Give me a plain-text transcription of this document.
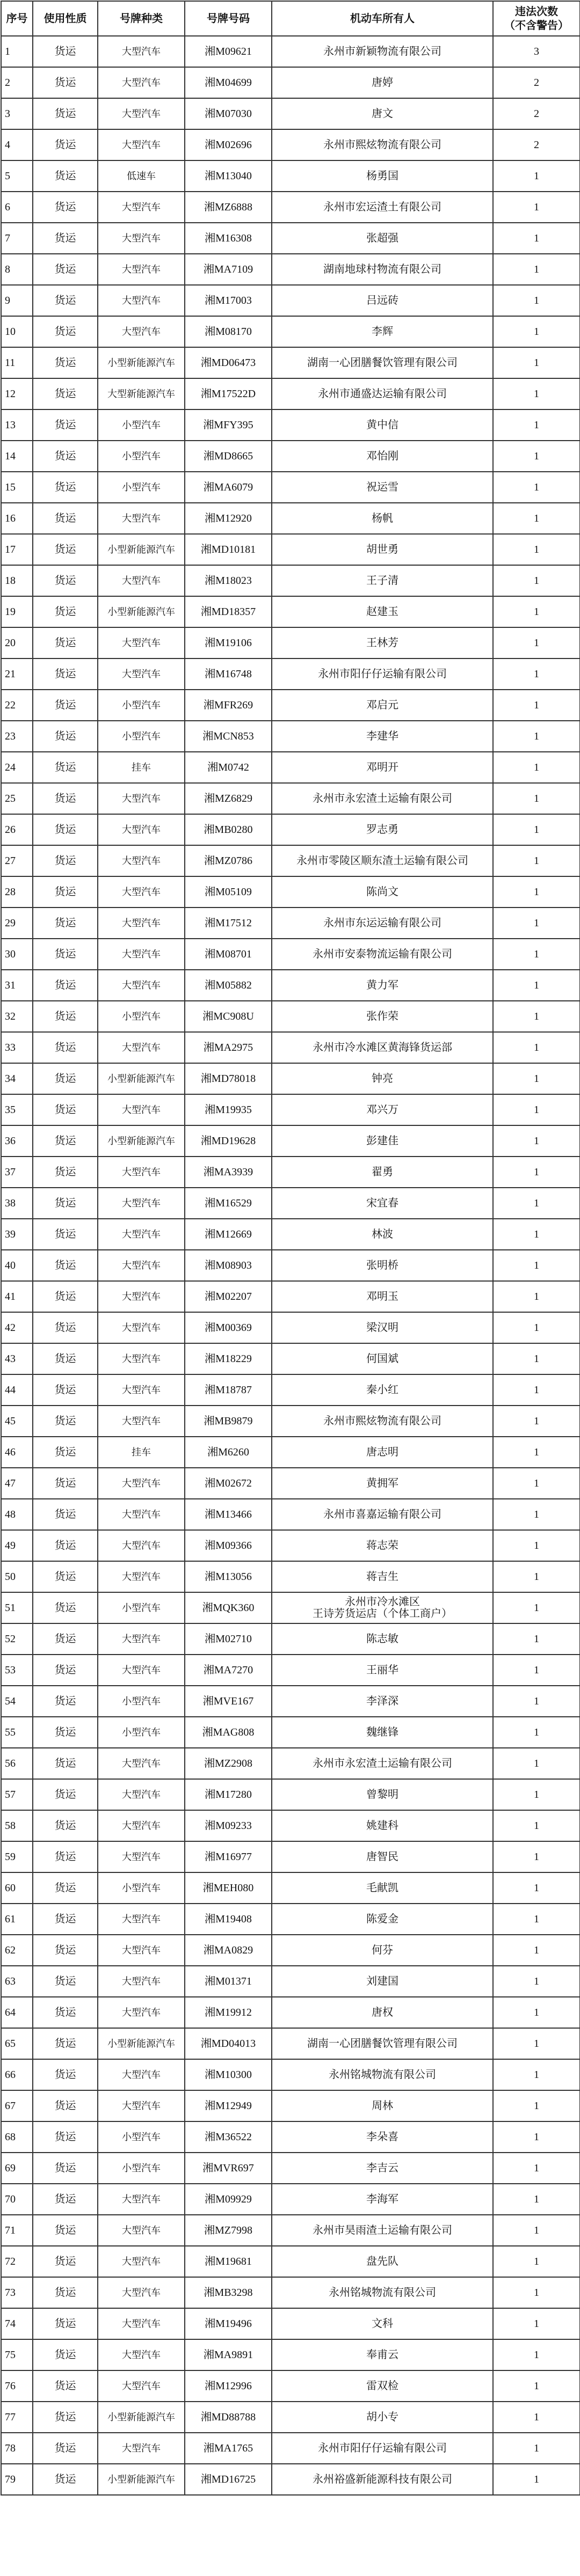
序号	使用性质	号牌种类	号牌号码	机动车所有人	违法次数
（不含警告）

1	货运	大型汽车	湘M09621	永州市新颖物流有限公司	3
2	货运	大型汽车	湘M04699	唐婷	2
3	货运	大型汽车	湘M07030	唐文	2
4	货运	大型汽车	湘M02696	永州市熙炫物流有限公司	2
5	货运	低速车	湘M13040	杨勇国	1
6	货运	大型汽车	湘MZ6888	永州市宏运渣土有限公司	1
7	货运	大型汽车	湘M16308	张超强	1
8	货运	大型汽车	湘MA7109	湖南地球村物流有限公司	1
9	货运	大型汽车	湘M17003	吕远砖	1
10	货运	大型汽车	湘M08170	李辉	1
11	货运	小型新能源汽车	湘MD06473	湖南一心团膳餐饮管理有限公司	1
12	货运	大型新能源汽车	湘M17522D	永州市通盛达运输有限公司	1
13	货运	小型汽车	湘MFY395	黄中信	1
14	货运	小型汽车	湘MD8665	邓怡刚	1
15	货运	小型汽车	湘MA6079	祝运雪	1
16	货运	大型汽车	湘M12920	杨帆	1
17	货运	小型新能源汽车	湘MD10181	胡世勇	1
18	货运	大型汽车	湘M18023	王子清	1
19	货运	小型新能源汽车	湘MD18357	赵建玉	1
20	货运	大型汽车	湘M19106	王林芳	1
21	货运	大型汽车	湘M16748	永州市阳仔仔运输有限公司	1
22	货运	小型汽车	湘MFR269	邓启元	1
23	货运	小型汽车	湘MCN853	李建华	1
24	货运	挂车	湘M0742	邓明开	1
25	货运	大型汽车	湘MZ6829	永州市永宏渣土运输有限公司	1
26	货运	大型汽车	湘MB0280	罗志勇	1
27	货运	大型汽车	湘MZ0786	永州市零陵区顺东渣土运输有限公司	1
28	货运	大型汽车	湘M05109	陈尚文	1
29	货运	大型汽车	湘M17512	永州市东运运输有限公司	1
30	货运	大型汽车	湘M08701	永州市安泰物流运输有限公司	1
31	货运	大型汽车	湘M05882	黄力军	1
32	货运	小型汽车	湘MC908U	张作荣	1
33	货运	大型汽车	湘MA2975	永州市冷水滩区黄海锋货运部	1
34	货运	小型新能源汽车	湘MD78018	钟亮	1
35	货运	大型汽车	湘M19935	邓兴万	1
36	货运	小型新能源汽车	湘MD19628	彭建佳	1
37	货运	大型汽车	湘MA3939	翟勇	1
38	货运	大型汽车	湘M16529	宋宜春	1
39	货运	大型汽车	湘M12669	林波	1
40	货运	大型汽车	湘M08903	张明桥	1
41	货运	大型汽车	湘M02207	邓明玉	1
42	货运	大型汽车	湘M00369	梁汉明	1
43	货运	大型汽车	湘M18229	何国斌	1
44	货运	大型汽车	湘M18787	秦小红	1
45	货运	大型汽车	湘MB9879	永州市熙炫物流有限公司	1
46	货运	挂车	湘M6260	唐志明	1
47	货运	大型汽车	湘M02672	黄拥军	1
48	货运	大型汽车	湘M13466	永州市喜嘉运输有限公司	1
49	货运	大型汽车	湘M09366	蒋志荣	1
50	货运	大型汽车	湘M13056	蒋吉生	1
51	货运	小型汽车	湘MQK360	永州市冷水滩区
王诗芳货运店（个体工商户）	1
52	货运	大型汽车	湘M02710	陈志敏	1
53	货运	大型汽车	湘MA7270	王丽华	1
54	货运	小型汽车	湘MVE167	李泽深	1
55	货运	小型汽车	湘MAG808	魏继锋	1
56	货运	大型汽车	湘MZ2908	永州市永宏渣土运输有限公司	1
57	货运	大型汽车	湘M17280	曾黎明	1
58	货运	大型汽车	湘M09233	姚建科	1
59	货运	大型汽车	湘M16977	唐智民	1
60	货运	小型汽车	湘MEH080	毛献凯	1
61	货运	大型汽车	湘M19408	陈爱金	1
62	货运	大型汽车	湘MA0829	何芬	1
63	货运	大型汽车	湘M01371	刘建国	1
64	货运	大型汽车	湘M19912	唐权	1
65	货运	小型新能源汽车	湘MD04013	湖南一心团膳餐饮管理有限公司	1
66	货运	大型汽车	湘M10300	永州铭城物流有限公司	1
67	货运	大型汽车	湘M12949	周林	1
68	货运	小型汽车	湘M36522	李朵喜	1
69	货运	小型汽车	湘MVR697	李吉云	1
70	货运	大型汽车	湘M09929	李海军	1
71	货运	大型汽车	湘MZ7998	永州市昊雨渣土运输有限公司	1
72	货运	大型汽车	湘M19681	盘先队	1
73	货运	大型汽车	湘MB3298	永州铭城物流有限公司	1
74	货运	大型汽车	湘M19496	文科	1
75	货运	大型汽车	湘MA9891	奉甫云	1
76	货运	大型汽车	湘M12996	雷双检	1
77	货运	小型新能源汽车	湘MD88788	胡小专	1
78	货运	大型汽车	湘MA1765	永州市阳仔仔运输有限公司	1
79	货运	小型新能源汽车	湘MD16725	永州裕盛新能源科技有限公司	1
